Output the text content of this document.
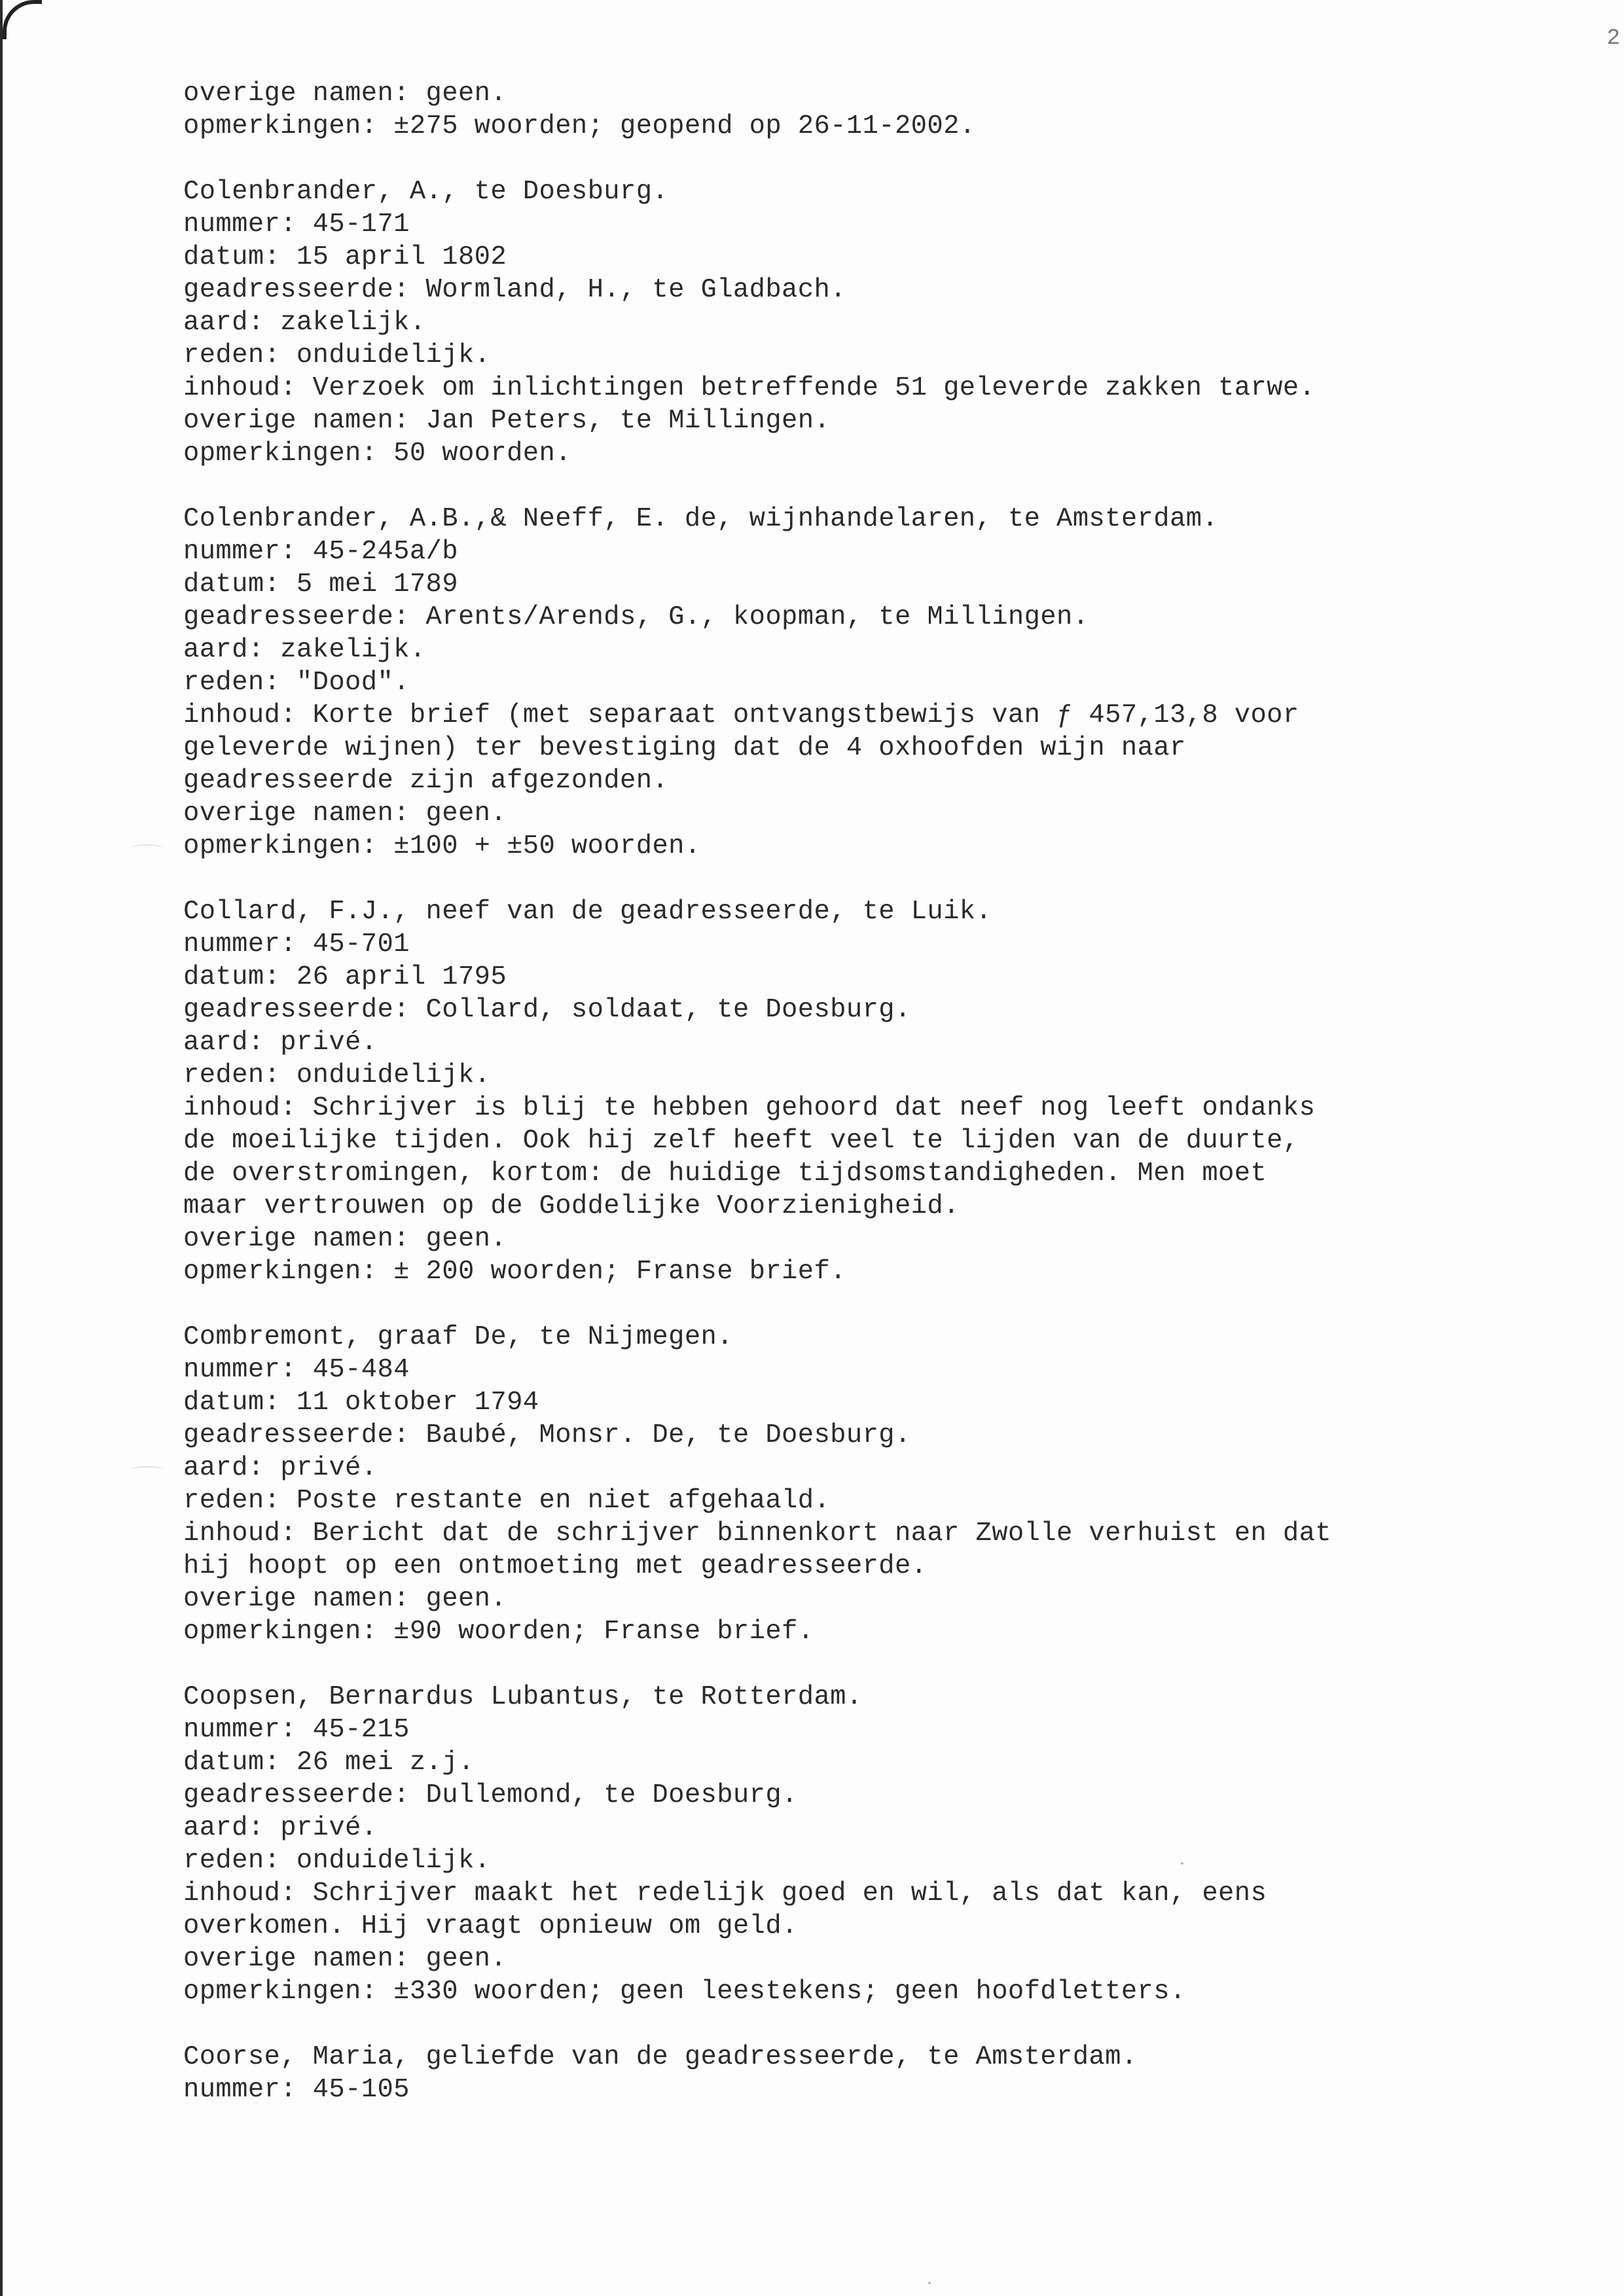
2
overige namen: geen.
opmerkingen: ±275 woorden; geopend op 26-11-2002.
Colenbrander, A., te Doesburg.
nummer: 45-171
datum: 15 april 1802
geadresseerde: Wormland, H., te Gladbach.
aard: zakelijk.
reden: onduidelijk.
inhoud: Verzoek om inlichtingen betreffende 51 geleverde zakken tarwe.
overige namen: Jan Peters, te Millingen.
opmerkingen: 50 woorden.
Colenbrander, A.B.,& Neeff, E. de, wijnhandelaren, te Amsterdam.
nummer: 45-245a/b
datum: 5 mei 1789
geadresseerde: Arents/Arends, G., koopman, te Millingen.
aard: zakelijk.
reden: "Dood".
inhoud: Korte brief (met separaat ontvangstbewijs van ƒ 457,13,8 voor
geleverde wijnen) ter bevestiging dat de 4 oxhoofden wijn naar
geadresseerde zijn afgezonden.
overige namen: geen.
opmerkingen: ±100 + ±50 woorden.
Collard, F.J., neef van de geadresseerde, te Luik.
nummer: 45-701
datum: 26 april 1795
geadresseerde: Collard, soldaat, te Doesburg.
aard: privé.
reden: onduidelijk.
inhoud: Schrijver is blij te hebben gehoord dat neef nog leeft ondanks
de moeilijke tijden. Ook hij zelf heeft veel te lijden van de duurte,
de overstromingen, kortom: de huidige tijdsomstandigheden. Men moet
maar vertrouwen op de Goddelijke Voorzienigheid.
overige namen: geen.
opmerkingen: ± 200 woorden; Franse brief.
Combremont, graaf De, te Nijmegen.
nummer: 45-484
datum: 11 oktober 1794
geadresseerde: Baubé, Monsr. De, te Doesburg.
aard: privé.
reden: Poste restante en niet afgehaald.
inhoud: Bericht dat de schrijver binnenkort naar Zwolle verhuist en dat
hij hoopt op een ontmoeting met geadresseerde.
overige namen: geen.
opmerkingen: ±90 woorden; Franse brief.
Coopsen, Bernardus Lubantus, te Rotterdam.
nummer: 45-215
datum: 26 mei z.j.
geadresseerde: Dullemond, te Doesburg.
aard: privé.
reden: onduidelijk.
inhoud: Schrijver maakt het redelijk goed en wil, als dat kan, eens
overkomen. Hij vraagt opnieuw om geld.
overige namen: geen.
opmerkingen: ±330 woorden; geen leestekens; geen hoofdletters.
Coorse, Maria, geliefde van de geadresseerde, te Amsterdam.
nummer: 45-105
